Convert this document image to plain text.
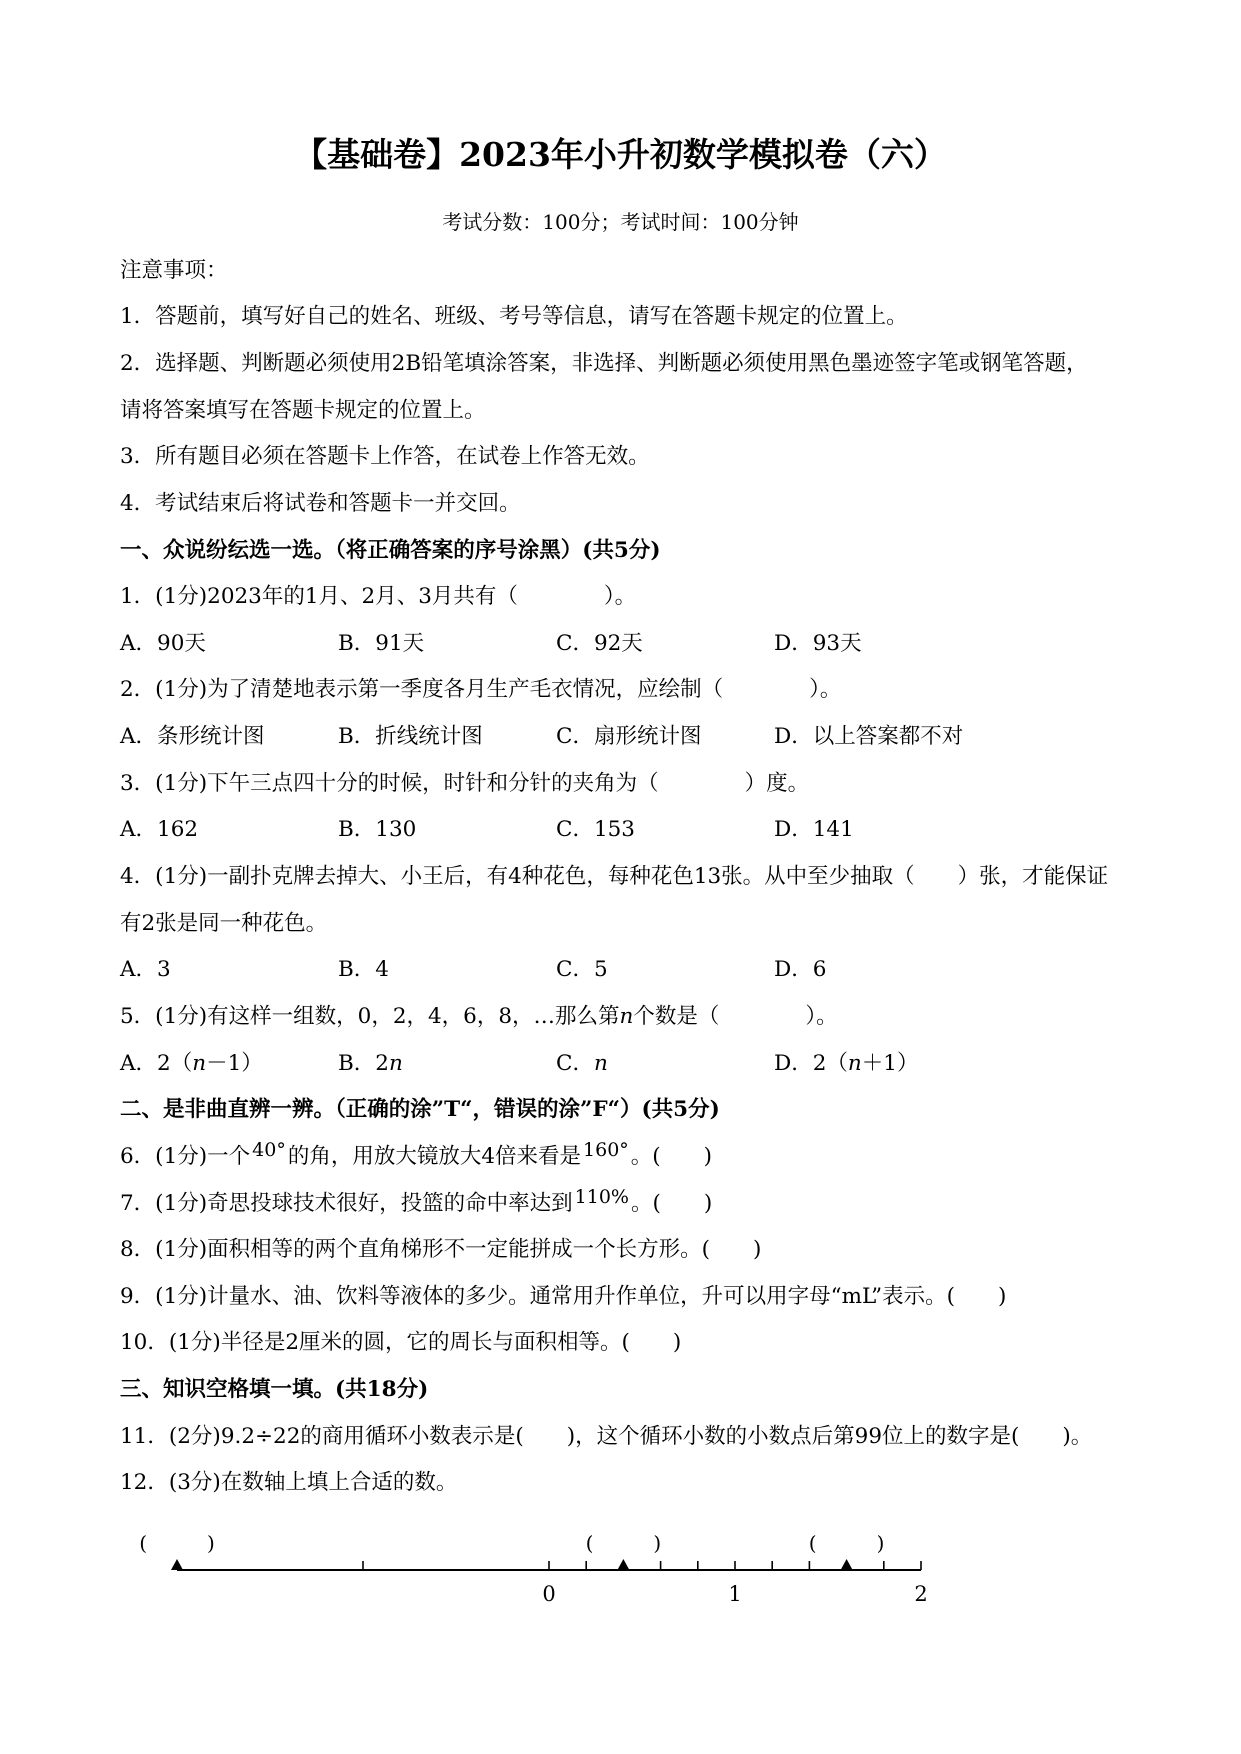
【基础卷】2023年小升初数学模拟卷（六）
考试分数：100分；考试时间：100分钟
注意事项：
1．答题前，填写好自己的姓名、班级、考号等信息，请写在答题卡规定的位置上。
2．选择题、判断题必须使用2B铅笔填涂答案，非选择、判断题必须使用黑色墨迹签字笔或钢笔答题，
请将答案填写在答题卡规定的位置上。
3．所有题目必须在答题卡上作答，在试卷上作答无效。
4．考试结束后将试卷和答题卡一并交回。
一、众说纷纭选一选。（将正确答案的序号涂黑）(共5分)
1．(1分)2023年的1月、2月、3月共有（　　　　）。
A．90天	B．91天	C．92天	D．93天
2．(1分)为了清楚地表示第一季度各月生产毛衣情况，应绘制（　　　　）。
A．条形统计图	B．折线统计图	C．扇形统计图	D．以上答案都不对
3．(1分)下午三点四十分的时候，时针和分针的夹角为（　　　　）度。
A．162	B．130	C．153	D．141
4．(1分)一副扑克牌去掉大、小王后，有4种花色，每种花色13张。从中至少抽取（　　）张，才能保证
有2张是同一种花色。
A．3	B．4	C．5	D．6
5．(1分)有这样一组数，0，2，4，6，8，…那么第n个数是（　　　　）。
A．2（n－1）	B．2n	C．n	D．2（n＋1）
二、是非曲直辨一辨。（正确的涂”T“，错误的涂”F“）(共5分)
6．(1分)一个 40°的角，用放大镜放大4倍来看是 160°。(　　)
7．(1分)奇思投球技术很好，投篮的命中率达到 110%。(　　)
8．(1分)面积相等的两个直角梯形不一定能拼成一个长方形。(　　)
9．(1分)计量水、油、饮料等液体的多少。通常用升作单位，升可以用字母“mL”表示。(　　)
10．(1分)半径是2厘米的圆，它的周长与面积相等。(　　)
三、知识空格填一填。(共18分)
11．(2分)9.2÷22的商用循环小数表示是(　　)，这个循环小数的小数点后第99位上的数字是(　　)。
12．(3分)在数轴上填上合适的数。
(　　　)	(　　　)	(　　　)
0	1	2
